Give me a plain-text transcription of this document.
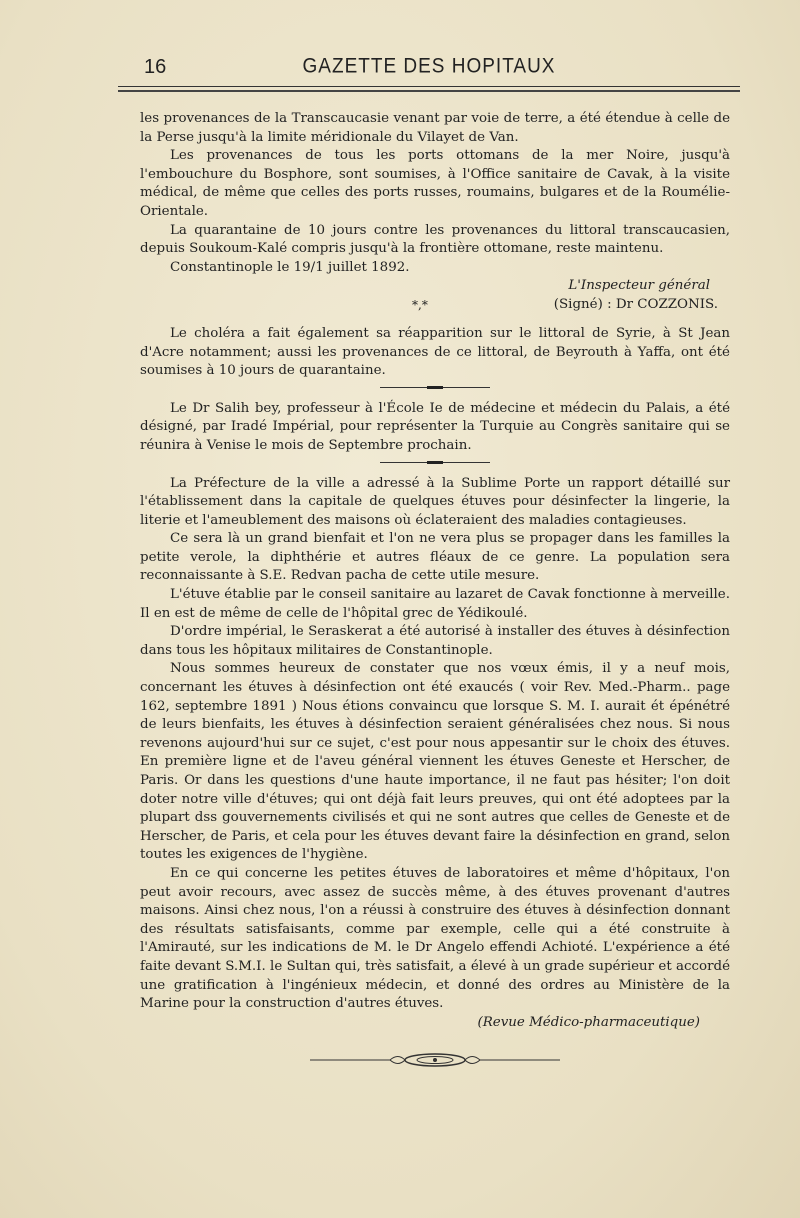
16	GAZETTE DES HOPITAUX

les provenances de la Transcaucasie venant par voie de terre, a été étendue à celle de la Perse jusqu'à la limite méridionale du Vilayet de Van.

Les provenances de tous les ports ottomans de la mer Noire, jusqu'à l'embouchure du Bosphore, sont soumises, à l'Office sanitaire de Cavak, à la visite médical, de même que celles des ports russes, roumains, bulgares et de la Roumélie-Orientale.

La quarantaine de 10 jours contre les provenances du littoral transcaucasien, depuis Soukoum-Kalé compris jusqu'à la frontière ottomane, reste maintenu.

Constantinople le 19/1 juillet 1892.

L'Inspecteur général

*,*	(Signé) : Dr COZZONIS.

Le choléra a fait également sa réapparition sur le littoral de Syrie, à St Jean d'Acre notamment; aussi les provenances de ce littoral, de Beyrouth à Yaffa, ont été soumises à 10 jours de quarantaine.

Le Dr Salih bey, professeur à l'École Ie de médecine et médecin du Palais, a été désigné, par Iradé Impérial, pour représenter la Turquie au Congrès sanitaire qui se réunira à Venise le mois de Septembre prochain.

La Préfecture de la ville a adressé à la Sublime Porte un rapport détaillé sur l'établissement dans la capitale de quelques étuves pour désinfecter la lingerie, la literie et l'ameublement des maisons où éclateraient des maladies contagieuses.

Ce sera là un grand bienfait et l'on ne vera plus se propager dans les familles la petite verole, la diphthérie et autres fléaux de ce genre. La population sera reconnaissante à S.E. Redvan pacha de cette utile mesure.

L'étuve établie par le conseil sanitaire au lazaret de Cavak fonctionne à merveille. Il en est de même de celle de l'hôpital grec de Yédikoulé.

D'ordre impérial, le Seraskerat a été autorisé à installer des étuves à désinfection dans tous les hôpitaux militaires de Constantinople.

Nous sommes heureux de constater que nos vœux émis, il y a neuf mois, concernant les étuves à désinfection ont été exaucés ( voir Rev. Med.-Pharm.. page 162, septembre 1891 ) Nous étions convaincu que lorsque S. M. I. aurait ét épénétré de leurs bienfaits, les étuves à désinfection seraient généralisées chez nous. Si nous revenons aujourd'hui sur ce sujet, c'est pour nous appesantir sur le choix des étuves. En première ligne et de l'aveu général viennent les étuves Geneste et Herscher, de Paris. Or dans les questions d'une haute importance, il ne faut pas hésiter; l'on doit doter notre ville d'étuves; qui ont déjà fait leurs preuves, qui ont été adoptees par la plupart dss gouvernements civilisés et qui ne sont autres que celles de Geneste et de Herscher, de Paris, et cela pour les étuves devant faire la désinfection en grand, selon toutes les exigences de l'hygiène.

En ce qui concerne les petites étuves de laboratoires et même d'hôpitaux, l'on peut avoir recours, avec assez de succès même, à des étuves provenant d'autres maisons. Ainsi chez nous, l'on a réussi à construire des étuves à désinfection donnant des résultats satisfaisants, comme par exemple, celle qui a été construite à l'Amirauté, sur les indications de M. le Dr Angelo effendi Achioté. L'expérience a été faite devant S.M.I. le Sultan qui, très satisfait, a élevé à un grade supérieur et accordé une gratification à l'ingénieux médecin, et donné des ordres au Ministère de la Marine pour la construction d'autres étuves.

(Revue Médico-pharmaceutique)
